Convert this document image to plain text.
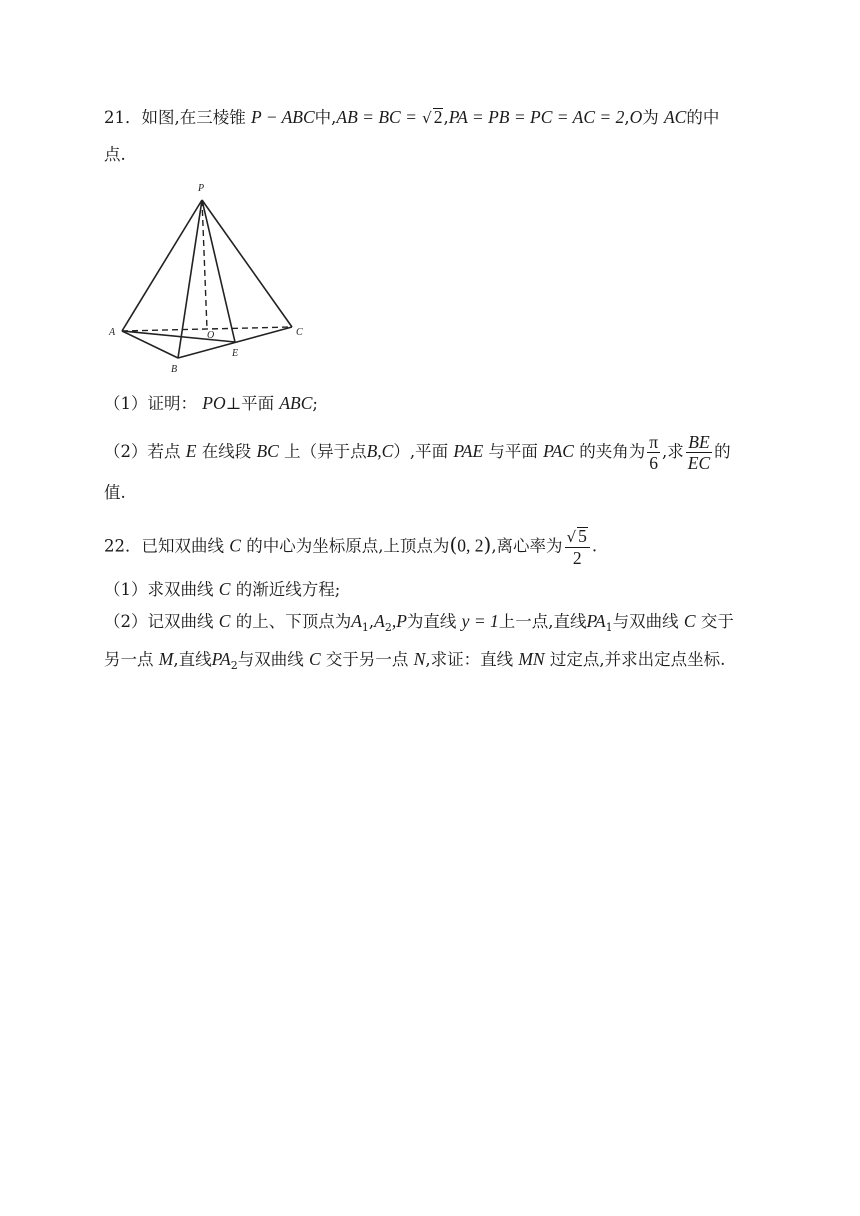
21．如图,在三棱锥 P − ABC中,AB = BC = √ 2,PA = PB = PC = AC = 2,O为 AC的中
点.
P
A
B
C
O
E
（1）证明： PO⊥平面 ABC;
（2）若点 E 在线段 BC 上（异于点B,C）,平面 PAE 与平面 PAC 的夹角为 $\frac{\pi}{6}$ ,求 $\frac{BE}{EC}$ 的
值.
22．已知双曲线 C 的中心为坐标原点,上顶点为(0, 2),离心率为 $\frac{√ 5}{2}$ .
（1）求双曲线 C 的渐近线方程;
（2）记双曲线 C 的上、下顶点为$A_1,A_2,P$为直线 y = 1上一点,直线$PA_1$与双曲线 C 交于
另一点 M,直线$PA_2$与双曲线 C 交于另一点 N,求证：直线 MN 过定点,并求出定点坐标.
